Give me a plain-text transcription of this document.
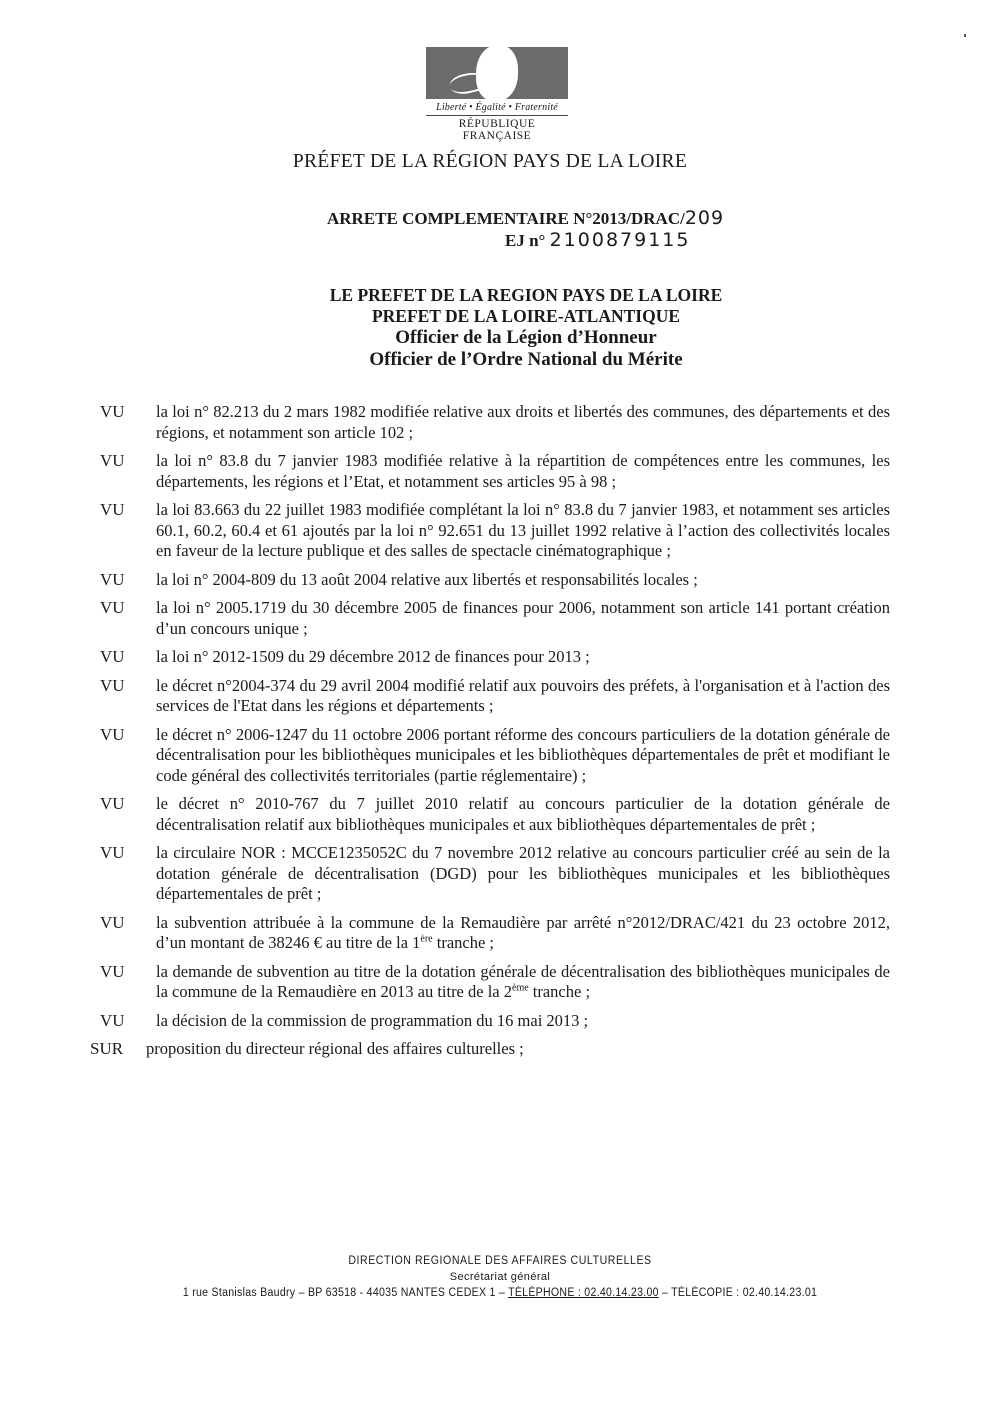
Liberté • Égalité • Fraternité
RÉPUBLIQUE FRANÇAISE
PRÉFET DE LA RÉGION PAYS DE LA LOIRE
ARRETE COMPLEMENTAIRE N°2013/DRAC/209
EJ n° 2100879115
LE PREFET DE LA REGION PAYS DE LA LOIRE
PREFET DE LA LOIRE-ATLANTIQUE
Officier de la Légion d’Honneur
Officier de l’Ordre National du Mérite
VU	la loi n° 82.213 du 2 mars 1982 modifiée relative aux droits et libertés des communes, des départements et des régions, et notamment son article 102 ;
VU	la loi n° 83.8 du 7 janvier 1983 modifiée relative à la répartition de compétences entre les communes, les départements, les régions et l’Etat, et notamment ses articles 95 à 98 ;
VU	la loi 83.663 du 22 juillet 1983 modifiée complétant la loi n° 83.8 du 7 janvier 1983, et notamment ses articles 60.1, 60.2, 60.4 et 61 ajoutés par la loi n° 92.651 du 13 juillet 1992 relative à l’action des collectivités locales en faveur de la lecture publique et des salles de spectacle cinématographique ;
VU	la loi n° 2004-809 du 13 août 2004 relative aux libertés et responsabilités locales ;
VU	la loi n° 2005.1719 du 30 décembre 2005 de finances pour 2006, notamment son article 141 portant création d’un concours unique ;
VU	la loi n° 2012-1509 du 29 décembre 2012 de finances pour 2013 ;
VU	le décret n°2004-374 du 29 avril 2004 modifié relatif aux pouvoirs des préfets, à l'organisation et à l'action des services de l'Etat dans les régions et départements ;
VU	le décret n° 2006-1247 du 11 octobre 2006 portant réforme des concours particuliers de la dotation générale de décentralisation pour les bibliothèques municipales et les bibliothèques départementales de prêt et modifiant le code général des collectivités territoriales (partie réglementaire) ;
VU	le décret n° 2010-767 du 7 juillet 2010 relatif au concours particulier de la dotation générale de décentralisation relatif aux bibliothèques municipales et aux bibliothèques départementales de prêt ;
VU	la circulaire NOR : MCCE1235052C du 7 novembre 2012 relative au concours particulier créé au sein de la dotation générale de décentralisation (DGD) pour les bibliothèques municipales et les bibliothèques départementales de prêt ;
VU	la subvention attribuée à la commune de la Remaudière par arrêté n°2012/DRAC/421 du 23 octobre 2012, d’un montant de 38246 € au titre de la 1ère tranche ;
VU	la demande de subvention au titre de la dotation générale de décentralisation des bibliothèques municipales de la commune de la Remaudière en 2013 au titre de la 2ème tranche ;
VU	la décision de la commission de programmation du 16 mai 2013 ;
SUR	proposition du directeur régional des affaires culturelles ;
DIRECTION REGIONALE DES AFFAIRES CULTURELLES
Secrétariat général
1 rue Stanislas Baudry – BP 63518 - 44035 NANTES CEDEX 1 – TÉLÉPHONE : 02.40.14.23.00 – TÉLÉCOPIE : 02.40.14.23.01
